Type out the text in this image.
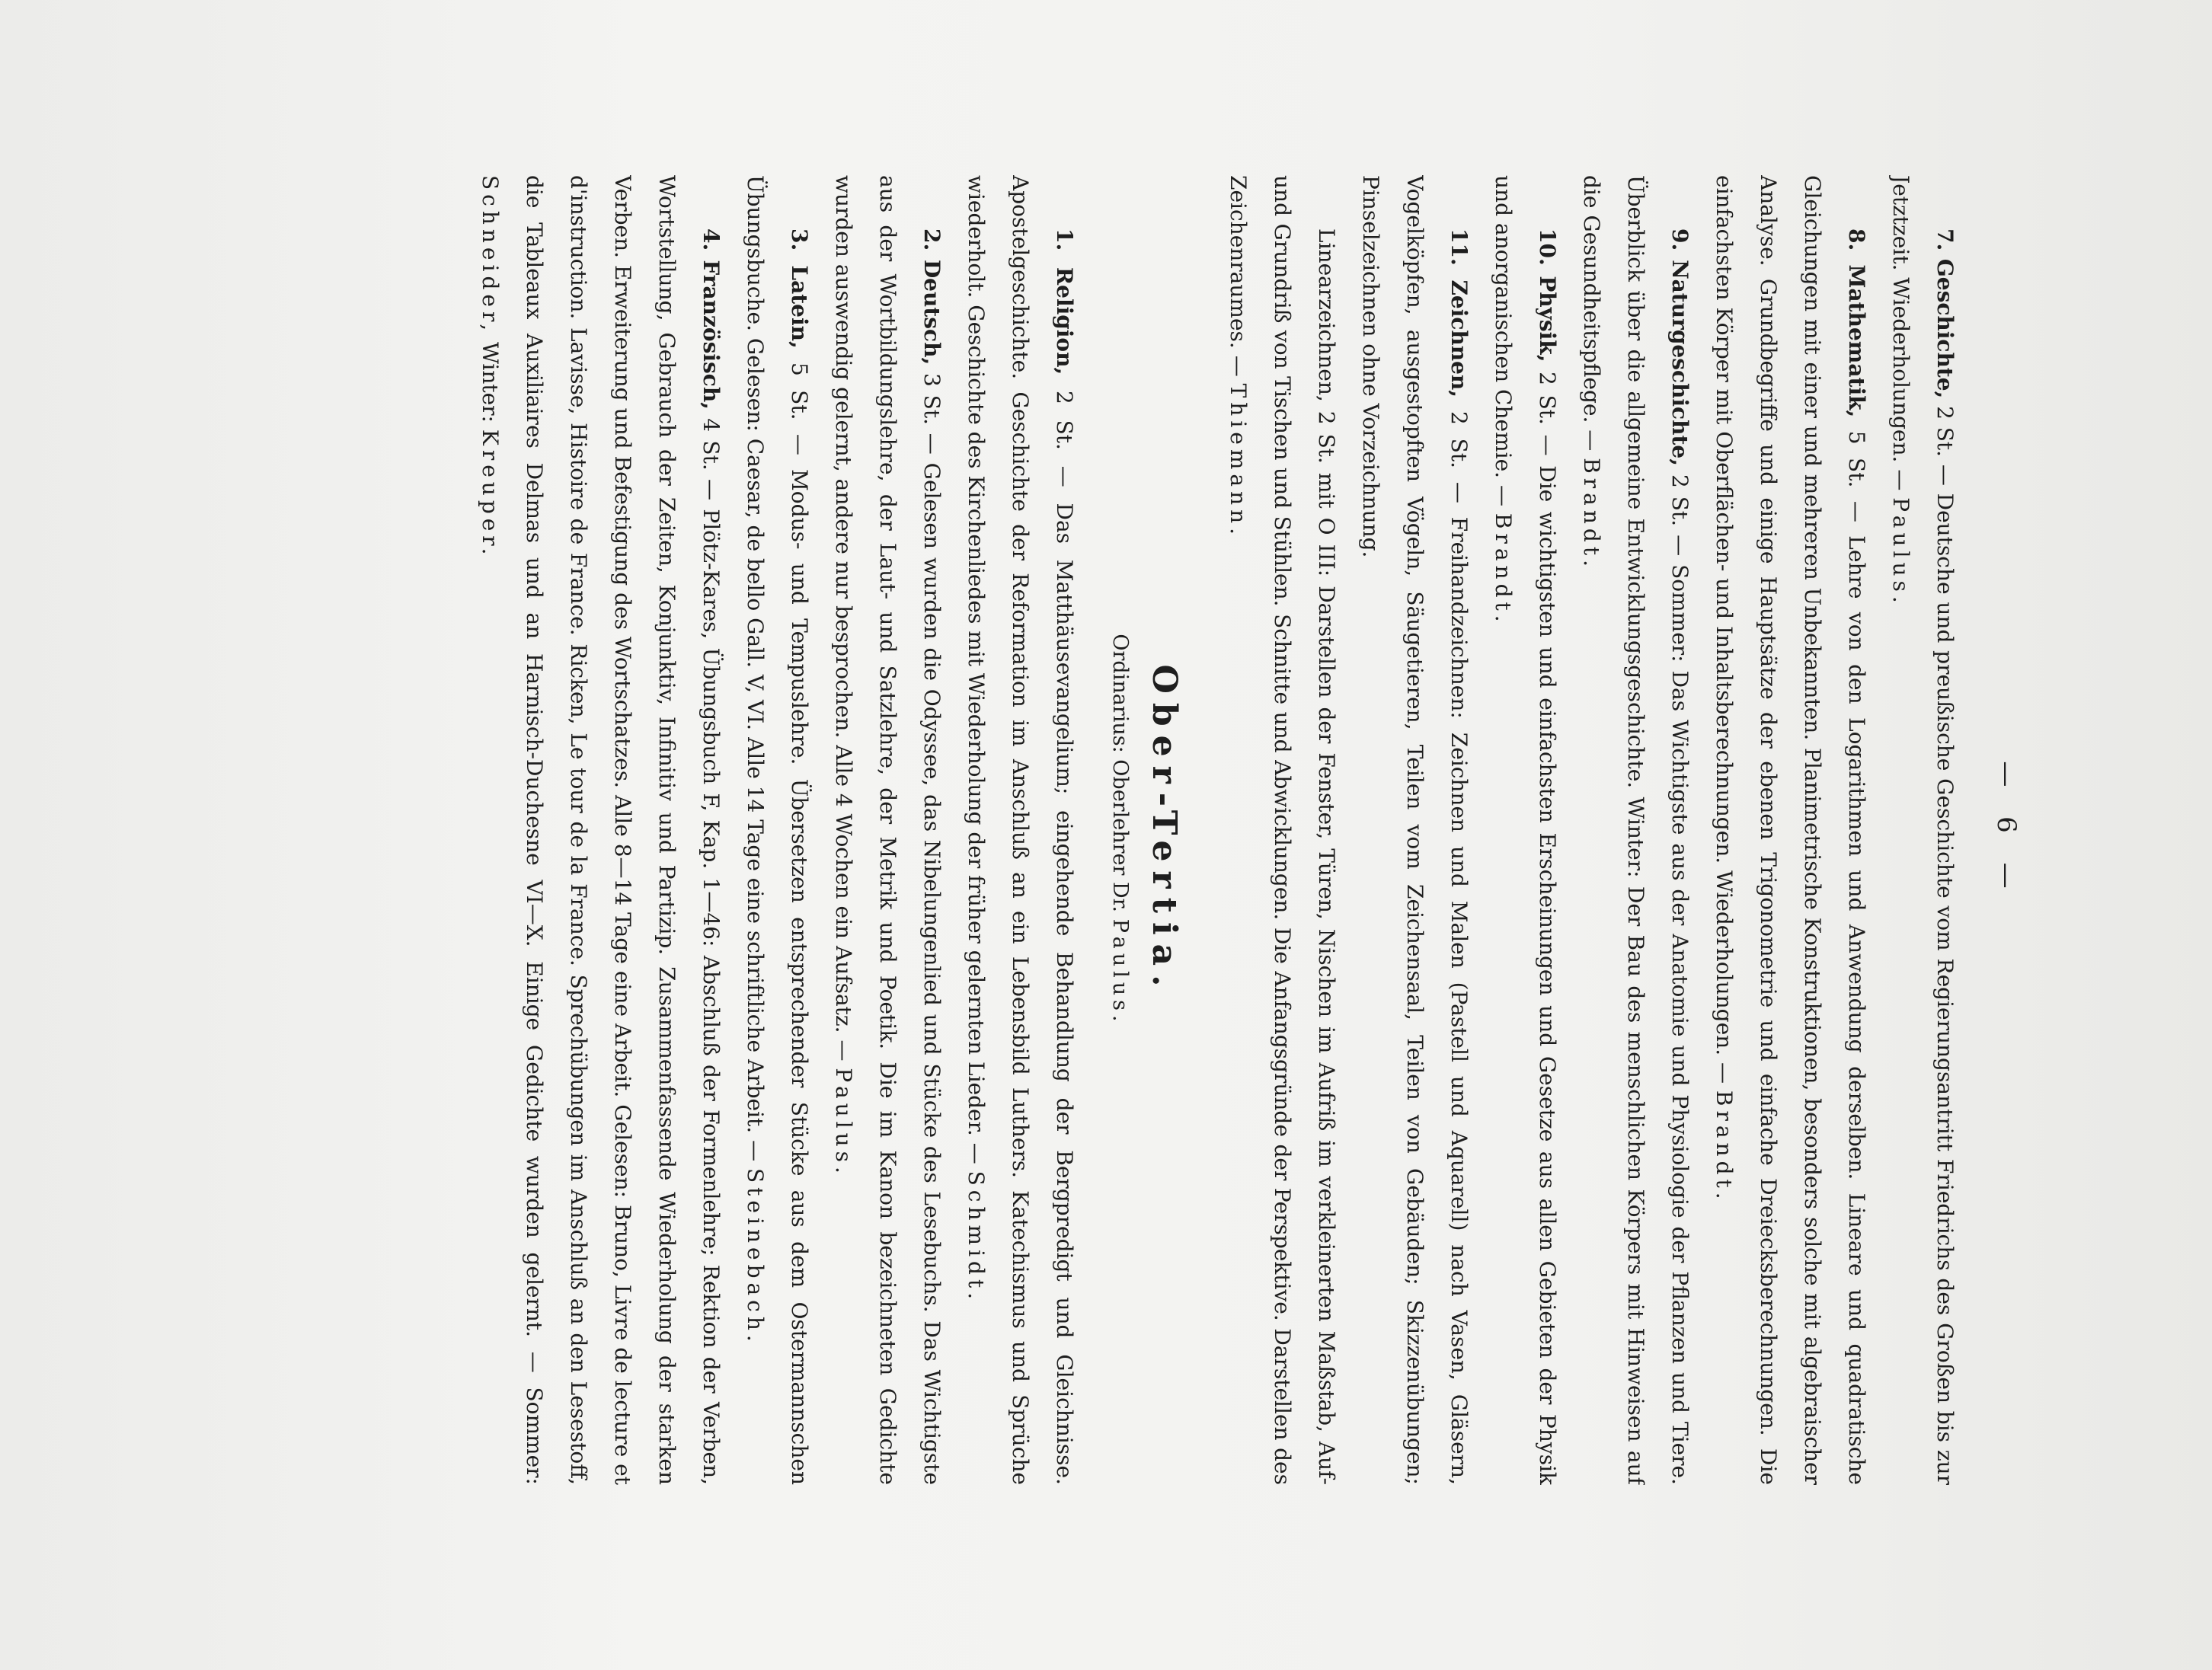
— 6 —

7. Geschichte, 2 St. — Deutsche und preußische Geschichte vom Regierungsantritt Friedrichs des Großen bis zur Jetztzeit. Wiederholungen. — Paulus.

8. Mathematik, 5 St. — Lehre von den Logarithmen und Anwendung derselben. Lineare und quadratische Gleichungen mit einer und mehreren Unbekannten. Planimetrische Konstruktionen, besonders solche mit algebraischer Analyse. Grundbegriffe und einige Hauptsätze der ebenen Trigonometrie und einfache Dreiecksberechnungen. Die einfachsten Körper mit Oberflächen- und Inhaltsberechnungen. Wiederholungen. — Brandt.

9. Naturgeschichte, 2 St. — Sommer: Das Wichtigste aus der Anatomie und Physiologie der Pflanzen und Tiere. Überblick über die allgemeine Entwicklungsgeschichte. Winter: Der Bau des menschlichen Körpers mit Hinweisen auf die Gesundheitspflege. — Brandt.

10. Physik, 2 St. — Die wichtigsten und einfachsten Erscheinungen und Gesetze aus allen Gebieten der Physik und anorganischen Chemie. — Brandt.

11. Zeichnen, 2 St. — Freihandzeichnen: Zeichnen und Malen (Pastell und Aquarell) nach Vasen, Gläsern, Vogelköpfen, ausgestopften Vögeln, Säugetieren, Teilen vom Zeichensaal, Teilen von Gebäuden; Skizzenübungen; Pinselzeichnen ohne Vorzeichnung.

Linearzeichnen, 2 St. mit O III: Darstellen der Fenster, Türen, Nischen im Aufriß im verkleinerten Maßstab, Auf- und Grundriß von Tischen und Stühlen. Schnitte und Abwicklungen. Die Anfangsgründe der Perspektive. Darstellen des Zeichenraumes. — Thiemann.

Ober-Tertia.
Ordinarius: Oberlehrer Dr. Paulus.

1. Religion, 2 St. — Das Matthäusevangelium; eingehende Behandlung der Bergpredigt und Gleichnisse. Apostelgeschichte. Geschichte der Reformation im Anschluß an ein Lebensbild Luthers. Katechismus und Sprüche wiederholt. Geschichte des Kirchenliedes mit Wiederholung der früher gelernten Lieder. — Schmidt.

2. Deutsch, 3 St. — Gelesen wurden die Odyssee, das Nibelungenlied und Stücke des Lesebuchs. Das Wichtigste aus der Wortbildungslehre, der Laut- und Satzlehre, der Metrik und Poetik. Die im Kanon bezeichneten Gedichte wurden auswendig gelernt, andere nur besprochen. Alle 4 Wochen ein Aufsatz. — Paulus.

3. Latein, 5 St. — Modus- und Tempuslehre. Übersetzen entsprechender Stücke aus dem Ostermannschen Übungsbuche. Gelesen: Caesar, de bello Gall. V, VI. Alle 14 Tage eine schriftliche Arbeit. — Steinebach.

4. Französisch, 4 St. — Plötz-Kares, Übungsbuch F, Kap. 1—46: Abschluß der Formenlehre; Rektion der Verben, Wortstellung, Gebrauch der Zeiten, Konjunktiv, Infinitiv und Partizip. Zusammenfassende Wiederholung der starken Verben. Erweiterung und Befestigung des Wortschatzes. Alle 8—14 Tage eine Arbeit. Gelesen: Bruno, Livre de lecture et d'instruction. Lavisse, Histoire de France. Ricken, Le tour de la France. Sprechübungen im Anschluß an den Lesestoff, die Tableaux Auxiliaires Delmas und an Harnisch-Duchesne VI—X. Einige Gedichte wurden gelernt. — Sommer: Schneider, Winter: Kreuper.
